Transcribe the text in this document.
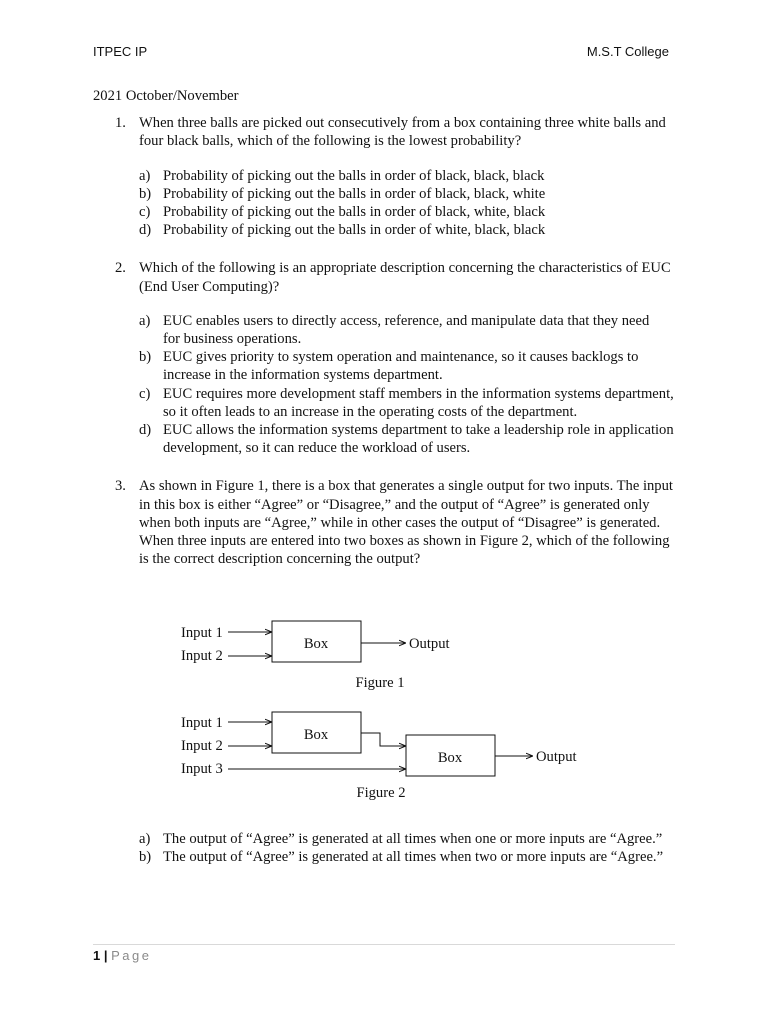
ITPEC IP	M.S.T College
2021 October/November
1. When three balls are picked out consecutively from a box containing three white balls and four black balls, which of the following is the lowest probability?

a) Probability of picking out the balls in order of black, black, black
b) Probability of picking out the balls in order of black, black, white
c) Probability of picking out the balls in order of black, white, black
d) Probability of picking out the balls in order of white, black, black
2. Which of the following is an appropriate description concerning the characteristics of EUC (End User Computing)?

a) EUC enables users to directly access, reference, and manipulate data that they need
for business operations.
b) EUC gives priority to system operation and maintenance, so it causes backlogs to increase in the information systems department.
c) EUC requires more development staff members in the information systems department, so it often leads to an increase in the operating costs of the department.
d) EUC allows the information systems department to take a leadership role in application development, so it can reduce the workload of users.
3. As shown in Figure 1, there is a box that generates a single output for two inputs. The input in this box is either “Agree” or “Disagree,” and the output of “Agree” is generated only when both inputs are “Agree,” while in other cases the output of “Disagree” is generated. When three inputs are entered into two boxes as shown in Figure 2, which of the following is the correct description concerning the output?

Input 1
Input 2
Box	Output
Figure 1
Input 1
Input 2
Input 3
Box
Box	Output
Figure 2
a) The output of “Agree” is generated at all times when one or more inputs are “Agree.”
b) The output of “Agree” is generated at all times when two or more inputs are “Agree.”
1 | Page
